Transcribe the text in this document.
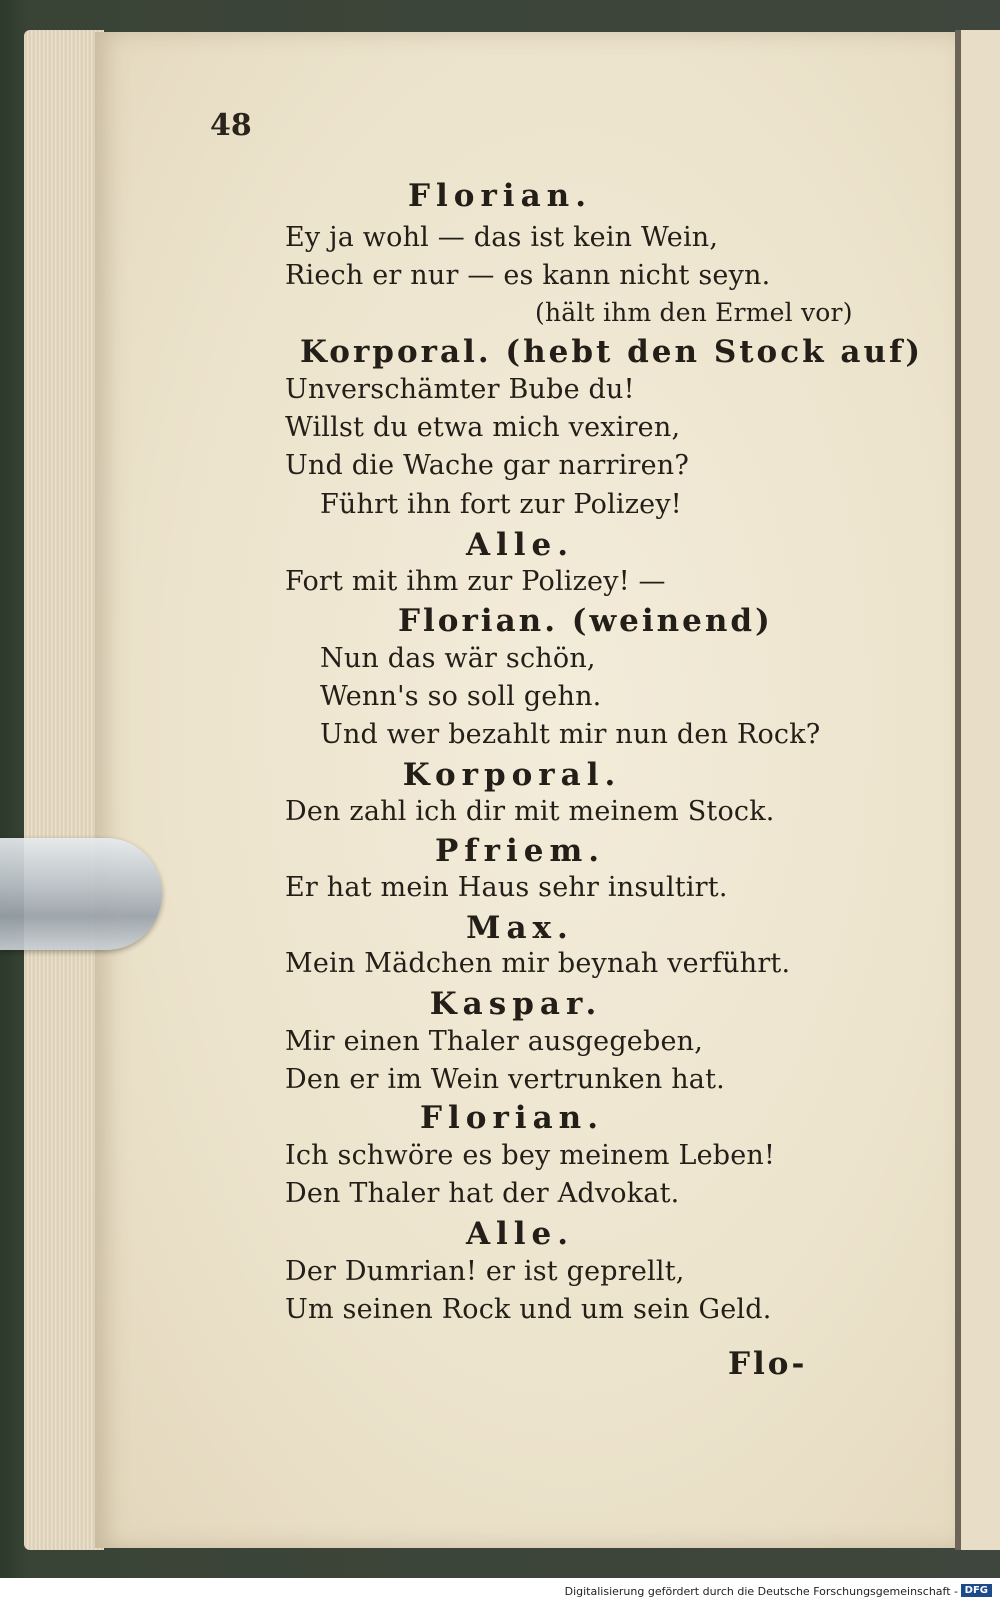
48
Florian.
Ey ja wohl — das ist kein Wein,
Riech er nur — es kann nicht seyn.
(hält ihm den Ermel vor)
Korporal. (hebt den Stock auf)
Unverschämter Bube du!
Willst du etwa mich vexiren,
Und die Wache gar narriren?
Führt ihn fort zur Polizey!
Alle.
Fort mit ihm zur Polizey! —
Florian. (weinend)
Nun das wär schön,
Wenn's so soll gehn.
Und wer bezahlt mir nun den Rock?
Korporal.
Den zahl ich dir mit meinem Stock.
Pfriem.
Er hat mein Haus sehr insultirt.
Max.
Mein Mädchen mir beynah verführt.
Kaspar.
Mir einen Thaler ausgegeben,
Den er im Wein vertrunken hat.
Florian.
Ich schwöre es bey meinem Leben!
Den Thaler hat der Advokat.
Alle.
Der Dumrian! er ist geprellt,
Um seinen Rock und um sein Geld.
Flo-
Digitalisierung gefördert durch die Deutsche Forschungsgemeinschaft - DFG
